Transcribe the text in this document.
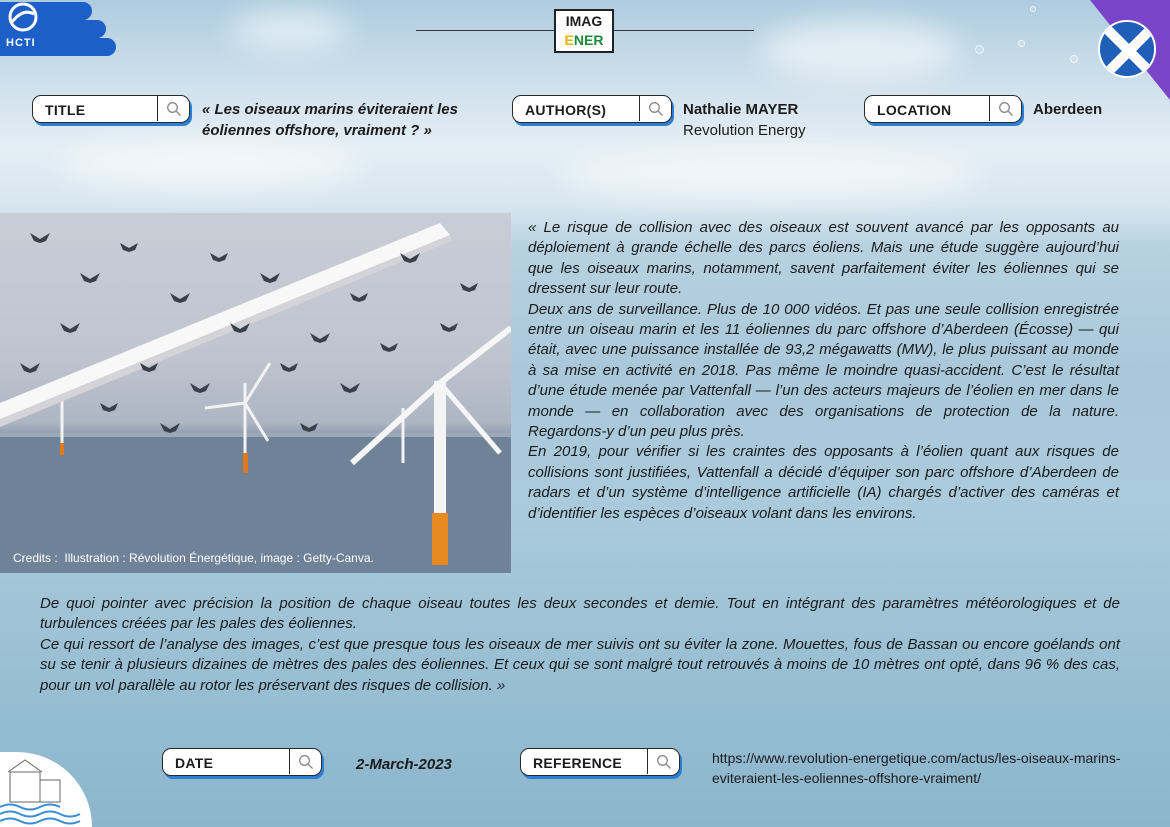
HCTI
IMAG
ENER
TITLE	« Les oiseaux marins éviteraient les éoliennes offshore, vraiment ? »
AUTHOR(S)	Nathalie MAYER
Revolution Energy
LOCATION	Aberdeen
Credits : Illustration : Révolution Énergétique, image : Getty-Canva.

« Le risque de collision avec des oiseaux est souvent avancé par les opposants au déploiement à grande échelle des parcs éoliens. Mais une étude suggère aujourd’hui que les oiseaux marins, notamment, savent parfaitement éviter les éoliennes qui se dressent sur leur route.

Deux ans de surveillance. Plus de 10 000 vidéos. Et pas une seule collision enregistrée entre un oiseau marin et les 11 éoliennes du parc offshore d’Aberdeen (Écosse) — qui était, avec une puissance installée de 93,2 mégawatts (MW), le plus puissant au monde à sa mise en activité en 2018. Pas même le moindre quasi-accident. C’est le résultat d’une étude menée par Vattenfall — l’un des acteurs majeurs de l’éolien en mer dans le monde — en collaboration avec des organisations de protection de la nature. Regardons-y d’un peu plus près.

En 2019, pour vérifier si les craintes des opposants à l’éolien quant aux risques de collisions sont justifiées, Vattenfall a décidé d’équiper son parc offshore d’Aberdeen de radars et d’un système d’intelligence artificielle (IA) chargés d’activer des caméras et d’identifier les espèces d’oiseaux volant dans les environs.

De quoi pointer avec précision la position de chaque oiseau toutes les deux secondes et demie. Tout en intégrant des paramètres météorologiques et de turbulences créées par les pales des éoliennes.

Ce qui ressort de l’analyse des images, c’est que presque tous les oiseaux de mer suivis ont su éviter la zone. Mouettes, fous de Bassan ou encore goélands ont su se tenir à plusieurs dizaines de mètres des pales des éoliennes. Et ceux qui se sont malgré tout retrouvés à moins de 10 mètres ont opté, dans 96 % des cas, pour un vol parallèle au rotor les préservant des risques de collision. »

DATE	2-March-2023	REFERENCE	https://www.revolution-energetique.com/actus/les-oiseaux-marins-eviteraient-les-eoliennes-offshore-vraiment/
